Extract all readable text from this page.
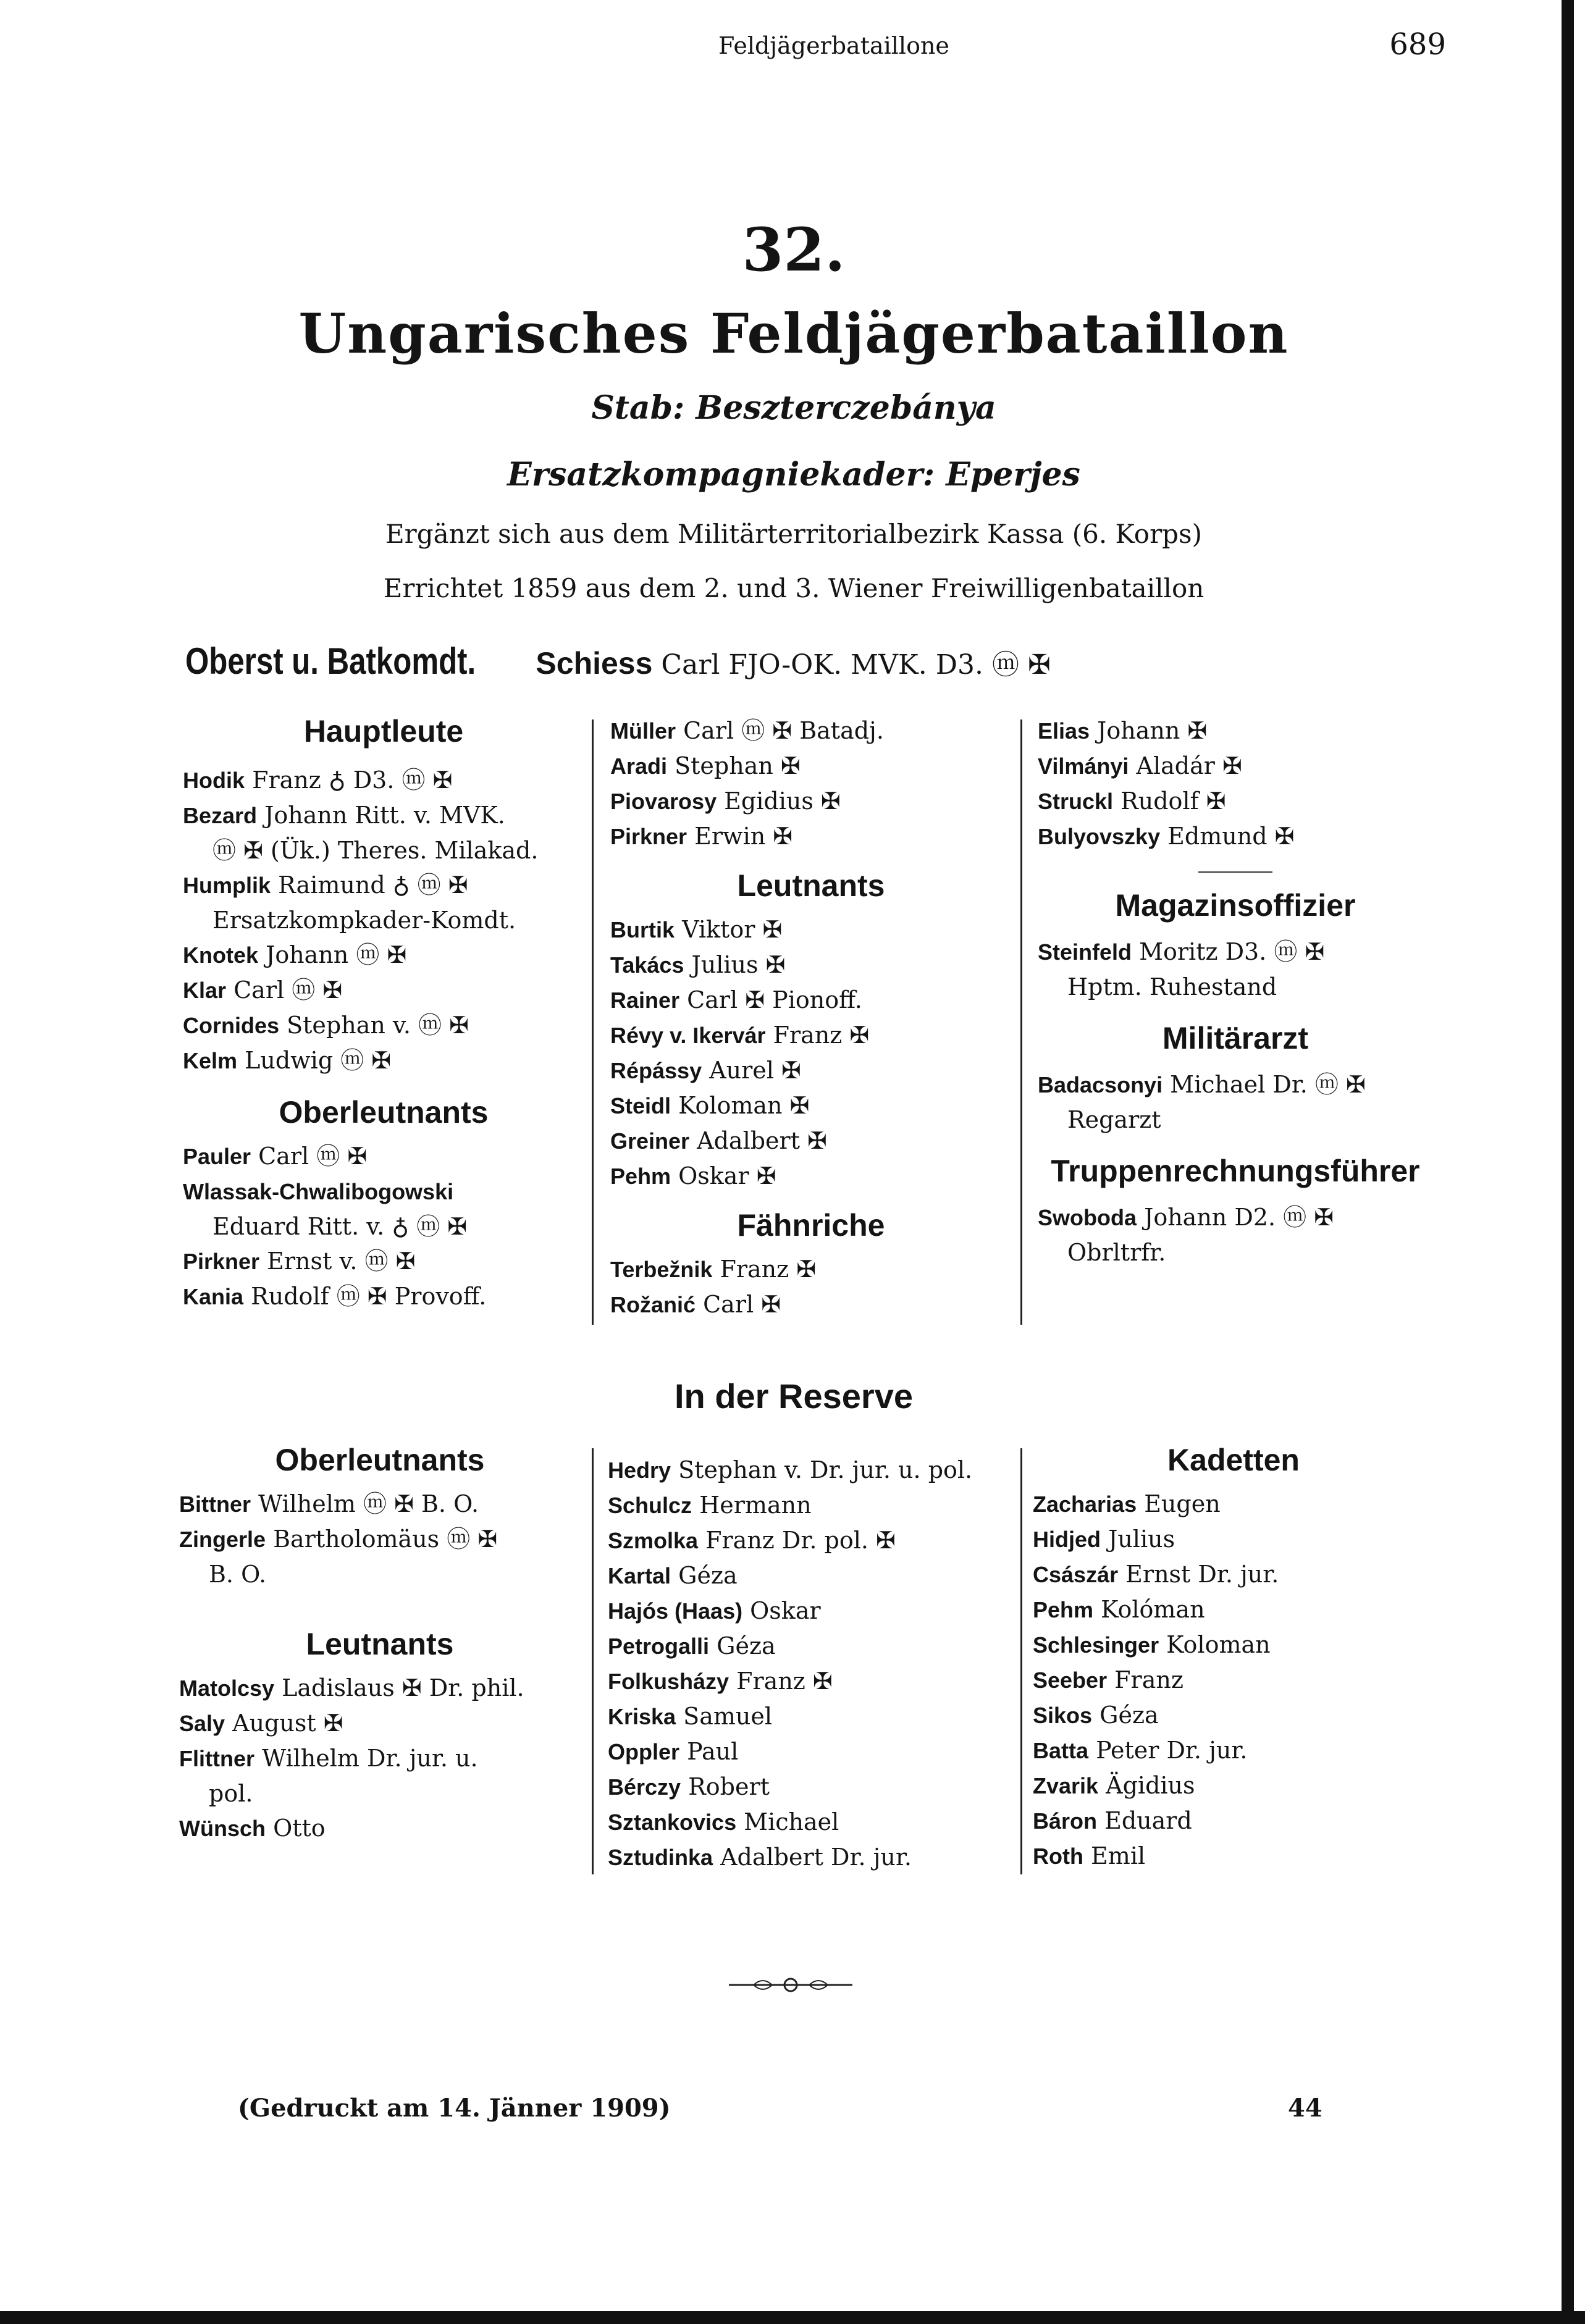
Feldjägerbataillone	689
32.
Ungarisches Feldjägerbataillon
Stab: Beszterczebánya
Ersatzkompagniekader: Eperjes
Ergänzt sich aus dem Militärterritorialbezirk Kassa (6. Korps)
Errichtet 1859 aus dem 2. und 3. Wiener Freiwilligenbataillon
Oberst u. Batkomdt. Schiess Carl FJO-OK. MVK. D3. ⓜ ✠
Hauptleute
Hodik Franz ♁ D3. ⓜ ✠
Bezard Johann Ritt. v. MVK.
ⓜ ✠ (Ük.) Theres. Milakad.
Humplik Raimund ♁ ⓜ ✠
Ersatzkompkader-Komdt.
Knotek Johann ⓜ ✠
Klar Carl ⓜ ✠
Cornides Stephan v. ⓜ ✠
Kelm Ludwig ⓜ ✠
Oberleutnants
Pauler Carl ⓜ ✠
Wlassak-Chwalibogowski
Eduard Ritt. v. ♁ ⓜ ✠
Pirkner Ernst v. ⓜ ✠
Kania Rudolf ⓜ ✠ Provoff.
Müller Carl ⓜ ✠ Batadj.
Aradi Stephan ✠
Piovarosy Egidius ✠
Pirkner Erwin ✠
Leutnants
Burtik Viktor ✠
Takács Julius ✠
Rainer Carl ✠ Pionoff.
Révy v. Ikervár Franz ✠
Répássy Aurel ✠
Steidl Koloman ✠
Greiner Adalbert ✠
Pehm Oskar ✠
Fähnriche
Terbežnik Franz ✠
Rožanić Carl ✠
Elias Johann ✠
Vilmányi Aladár ✠
Struckl Rudolf ✠
Bulyovszky Edmund ✠
Magazinsoffizier
Steinfeld Moritz D3. ⓜ ✠
Hptm. Ruhestand
Militärarzt
Badacsonyi Michael Dr. ⓜ ✠
Regarzt
Truppenrechnungsführer
Swoboda Johann D2. ⓜ ✠
Obrltrfr.
In der Reserve
Oberleutnants
Bittner Wilhelm ⓜ ✠ B. O.
Zingerle Bartholomäus ⓜ ✠
B. O.
Leutnants
Matolcsy Ladislaus ✠ Dr. phil.
Saly August ✠
Flittner Wilhelm Dr. jur. u.
pol.
Wünsch Otto
Hedry Stephan v. Dr. jur. u. pol.
Schulcz Hermann
Szmolka Franz Dr. pol. ✠
Kartal Géza
Hajós (Haas) Oskar
Petrogalli Géza
Folkusházy Franz ✠
Kriska Samuel
Oppler Paul
Bérczy Robert
Sztankovics Michael
Sztudinka Adalbert Dr. jur.
Kadetten
Zacharias Eugen
Hidjed Julius
Császár Ernst Dr. jur.
Pehm Kolóman
Schlesinger Koloman
Seeber Franz
Sikos Géza
Batta Peter Dr. jur.
Zvarik Ägidius
Báron Eduard
Roth Emil
(Gedruckt am 14. Jänner 1909)	44
